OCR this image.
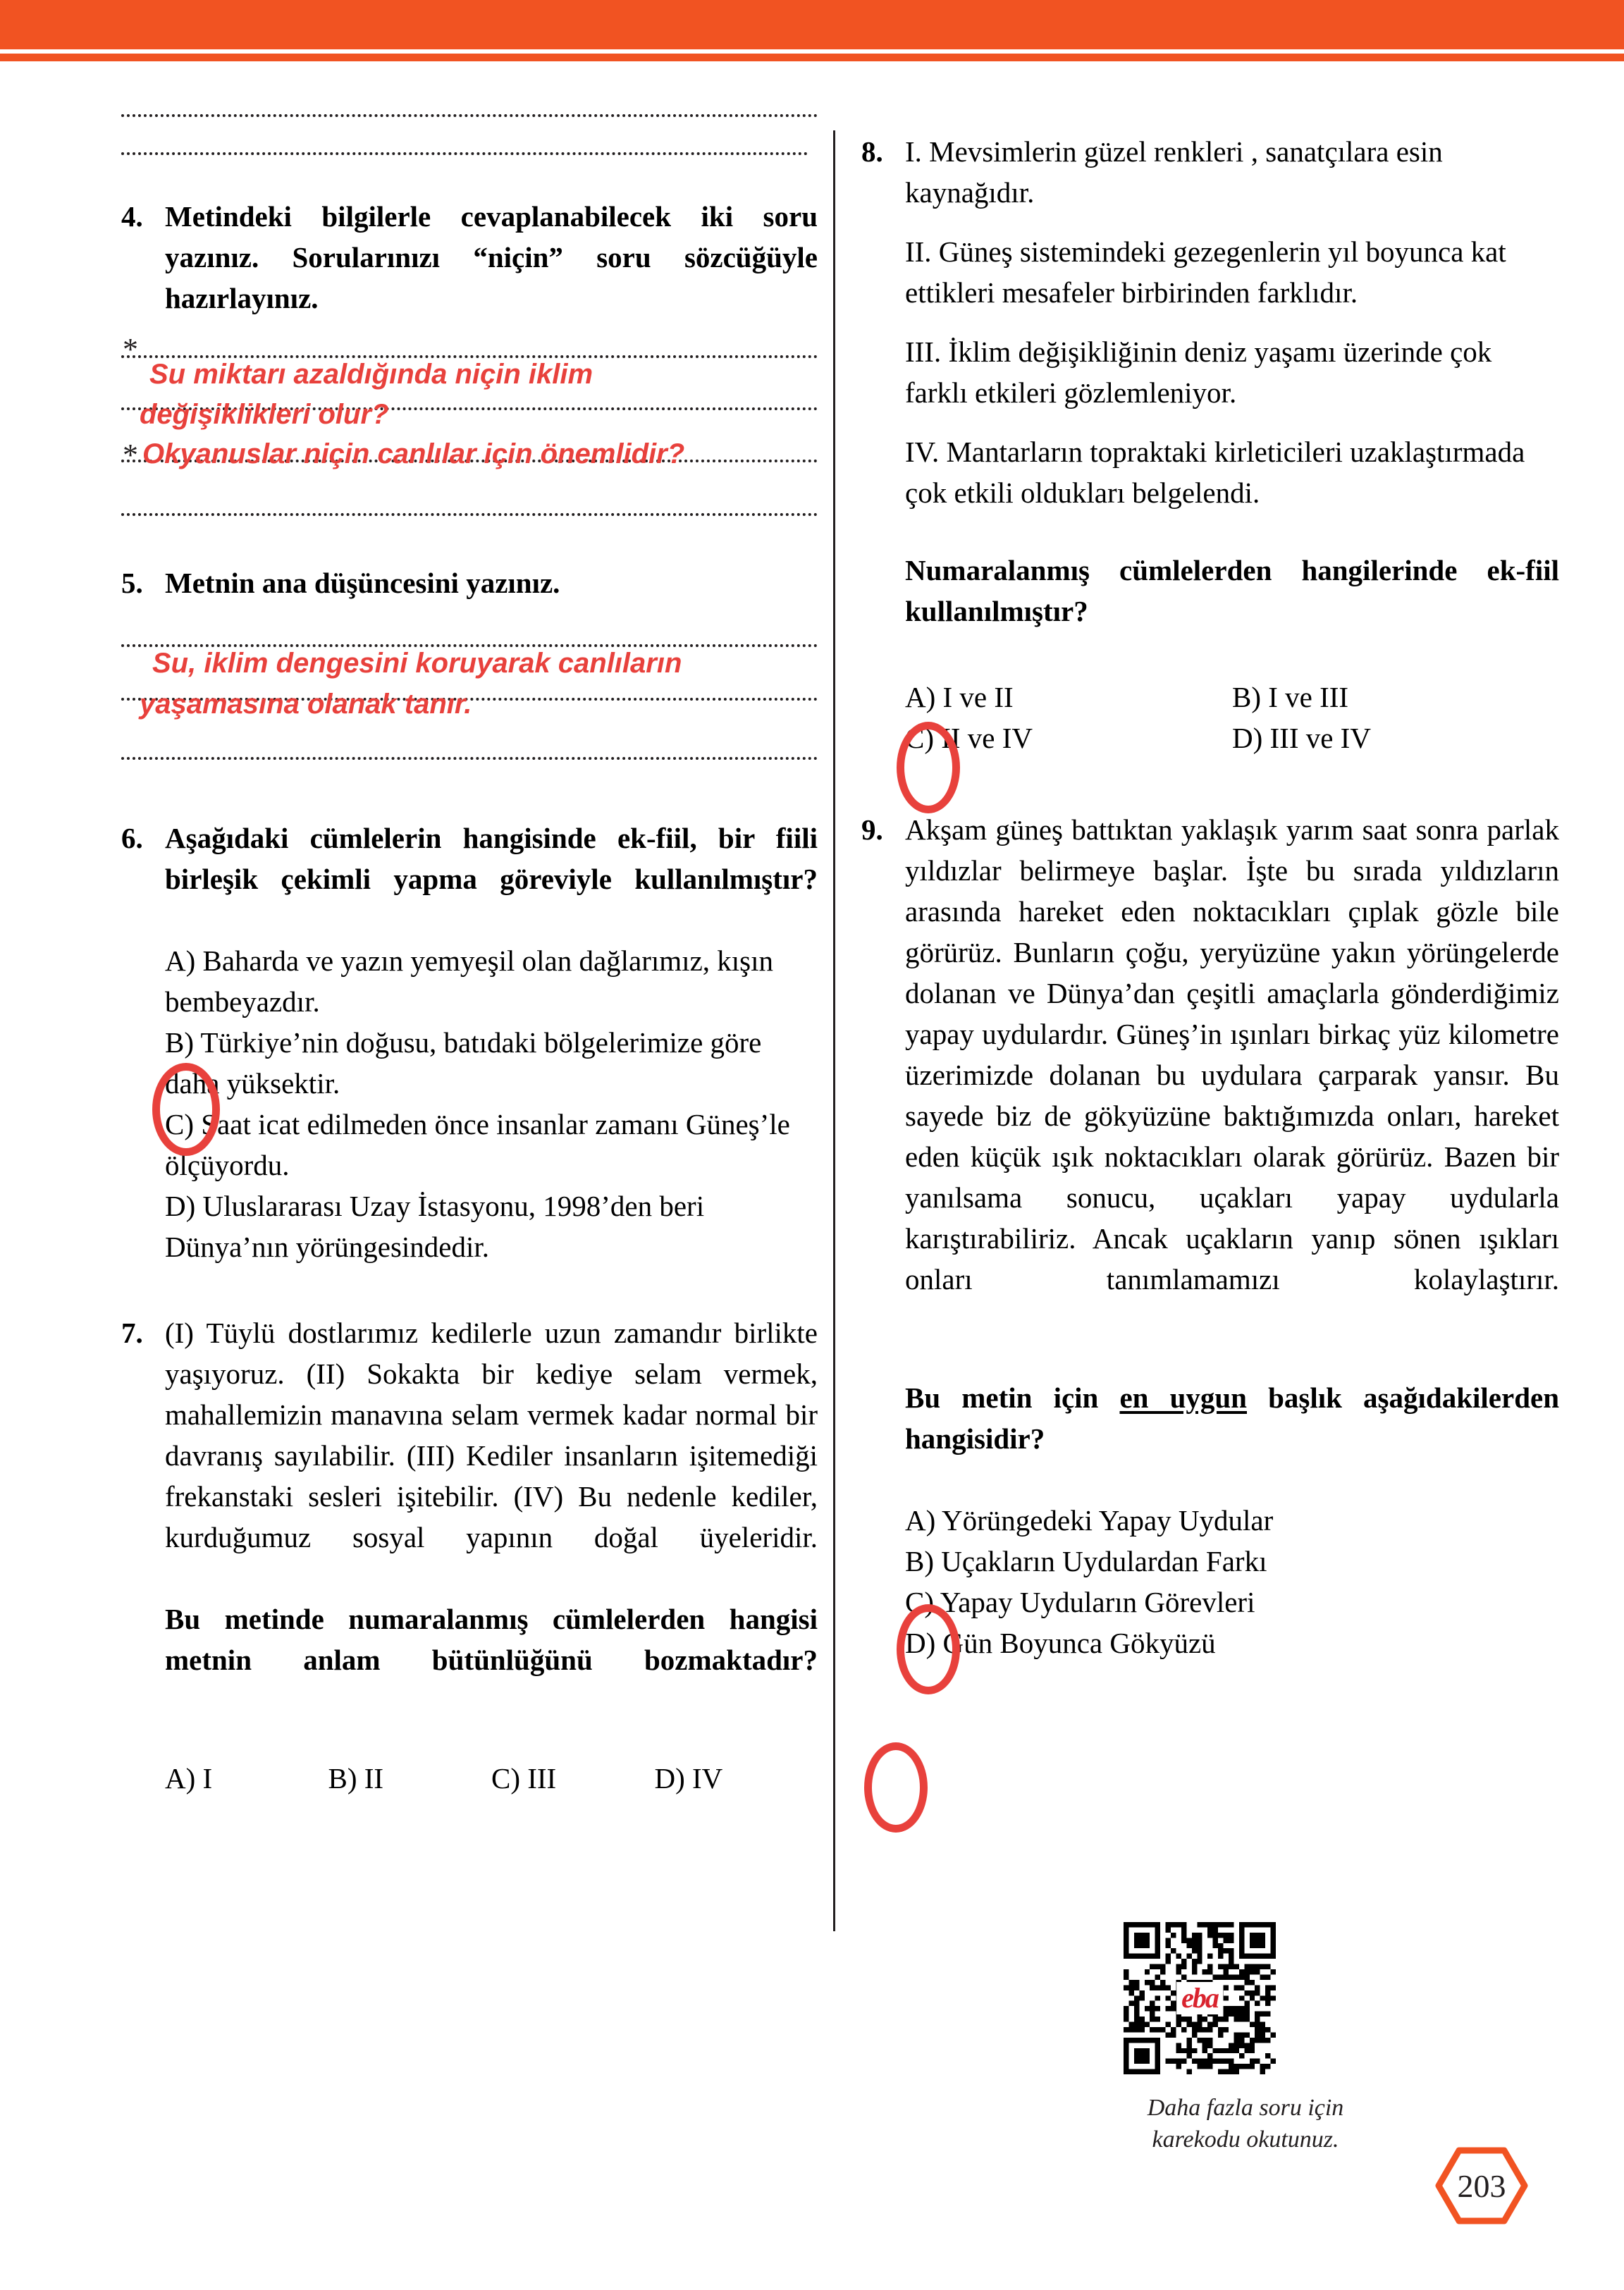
4. Metindeki bilgilerle cevaplanabilecek iki soru yazınız. Sorularınızı “niçin” soru sözcüğüyle hazırlayınız.
*
*
Su miktarı azaldığında niçin iklim
değişiklikleri olur?
Okyanuslar niçin canlılar için önemlidir?
5. Metnin ana düşüncesini yazınız.
Su, iklim dengesini koruyarak canlıların
yaşamasına olanak tanır.
6. Aşağıdaki cümlelerin hangisinde ek-fiil, bir fiili birleşik çekimli yapma göreviyle kullanılmıştır?
A) Baharda ve yazın yemyeşil olan dağlarımız, kışın bembeyazdır.
B) Türkiye’nin doğusu, batıdaki bölgelerimize göre daha yüksektir.
C) Saat icat edilmeden önce insanlar zamanı Güneş’le ölçüyordu.
D) Uluslararası Uzay İstasyonu, 1998’den beri Dünya’nın yörüngesindedir.
7. (I) Tüylü dostlarımız kedilerle uzun zamandır birlikte yaşıyoruz. (II) Sokakta bir kediye selam vermek, mahallemizin manavına selam vermek kadar normal bir davranış sayılabilir. (III) Kediler insanların işitemediği frekanstaki sesleri işitebilir. (IV) Bu nedenle kediler, kurduğumuz sosyal yapının doğal üyeleridir.
Bu metinde numaralanmış cümlelerden hangisi metnin anlam bütünlüğünü bozmaktadır?
A) I	B) II	C) III	D) IV
8. I. Mevsimlerin güzel renkleri , sanatçılara esin kaynağıdır.
II. Güneş sistemindeki gezegenlerin yıl boyunca kat ettikleri mesafeler birbirinden farklıdır.
III. İklim değişikliğinin deniz yaşamı üzerinde çok farklı etkileri gözlemleniyor.
IV. Mantarların topraktaki kirleticileri uzaklaştırmada çok etkili oldukları belgelendi.
Numaralanmış cümlelerden hangilerinde ek-fiil kullanılmıştır?
A) I ve II	B) I ve III
C) II ve IV	D) III ve IV
9. Akşam güneş battıktan yaklaşık yarım saat sonra parlak yıldızlar belirmeye başlar. İşte bu sırada yıldızların arasında hareket eden noktacıkları çıplak gözle bile görürüz. Bunların çoğu, yeryüzüne yakın yörüngelerde dolanan ve Dünya’dan çeşitli amaçlarla gönderdiğimiz yapay uydulardır. Güneş’in ışınları birkaç yüz kilometre üzerimizde dolanan bu uydulara çarparak yansır. Bu sayede biz de gökyüzüne baktığımızda onları, hareket eden küçük ışık noktacıkları olarak görürüz. Bazen bir yanılsama sonucu, uçakları yapay uydularla karıştırabiliriz. Ancak uçakların yanıp sönen ışıkları onları tanımlamamızı kolaylaştırır.
Bu metin için en uygun başlık aşağıdakilerden hangisidir?
A) Yörüngedeki Yapay Uydular
B) Uçakların Uydulardan Farkı
C) Yapay Uyduların Görevleri
D) Gün Boyunca Gökyüzü
eba
Daha fazla soru için
karekodu okutunuz.
203
